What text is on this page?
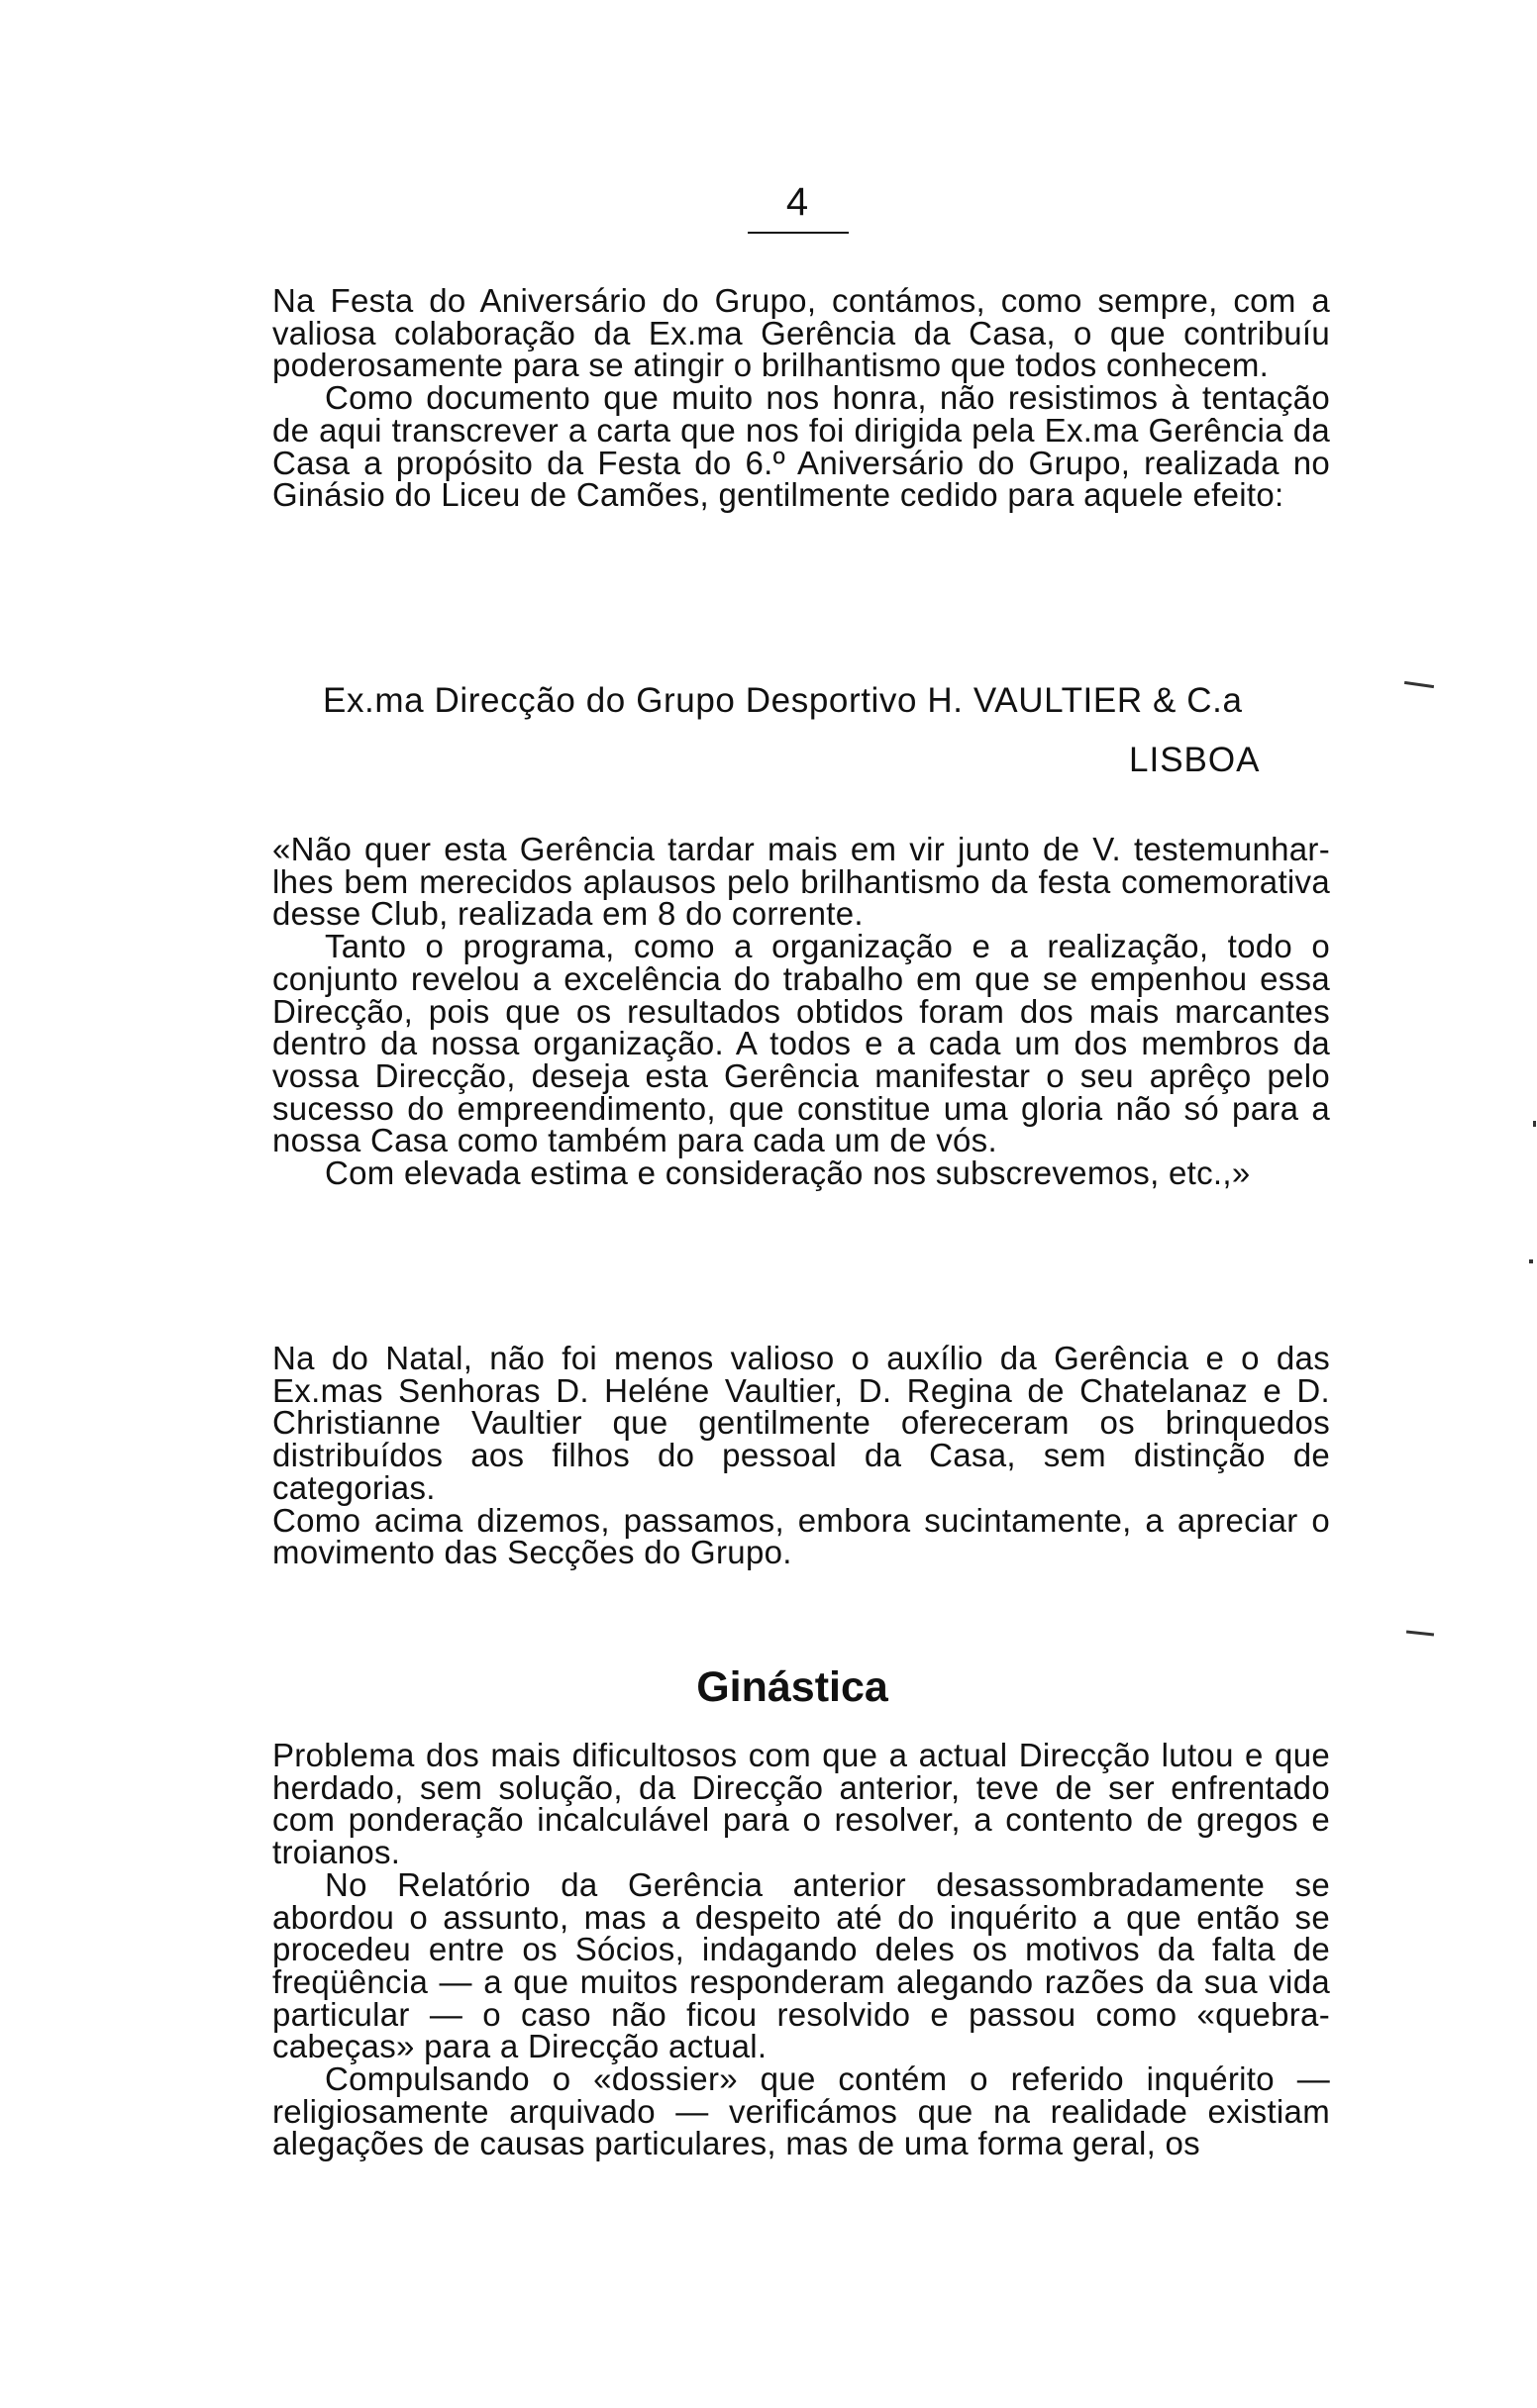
4

Na Festa do Aniversário do Grupo, contámos, como sempre, com a valiosa colaboração da Ex.ma Gerência da Casa, o que contribuíu poderosamente para se atingir o brilhantismo que todos conhecem.

Como documento que muito nos honra, não resistimos à tentação de aqui transcrever a carta que nos foi dirigida pela Ex.ma Gerência da Casa a propósito da Festa do 6.º Aniversário do Grupo, realizada no Ginásio do Liceu de Camões, gentilmente cedido para aquele efeito:

Ex.ma Direcção do Grupo Desportivo H. VAULTIER & C.a
LISBOA

«Não quer esta Gerência tardar mais em vir junto de V. testemunhar-lhes bem merecidos aplausos pelo brilhantismo da festa comemorativa desse Club, realizada em 8 do corrente.

Tanto o programa, como a organização e a realização, todo o conjunto revelou a excelência do trabalho em que se empenhou essa Direcção, pois que os resultados obtidos foram dos mais marcantes dentro da nossa organização. A todos e a cada um dos membros da vossa Direcção, deseja esta Gerência manifestar o seu aprêço pelo sucesso do empreendimento, que constitue uma gloria não só para a nossa Casa como também para cada um de vós.

Com elevada estima e consideração nos subscrevemos, etc.,»

Na do Natal, não foi menos valioso o auxílio da Gerência e o das Ex.mas Senhoras D. Heléne Vaultier, D. Regina de Chatelanaz e D. Christianne Vaultier que gentilmente ofereceram os brinquedos distribuídos aos filhos do pessoal da Casa, sem distinção de categorias.

Como acima dizemos, passamos, embora sucintamente, a apreciar o movimento das Secções do Grupo.

Ginástica

Problema dos mais dificultosos com que a actual Direcção lutou e que herdado, sem solução, da Direcção anterior, teve de ser enfrentado com ponderação incalculável para o resolver, a contento de gregos e troianos.

No Relatório da Gerência anterior desassombradamente se abordou o assunto, mas a despeito até do inquérito a que então se procedeu entre os Sócios, indagando deles os motivos da falta de freqüência — a que muitos responderam alegando razões da sua vida particular — o caso não ficou resolvido e passou como «quebra-cabeças» para a Direcção actual.

Compulsando o «dossier» que contém o referido inquérito — religiosamente arquivado — verificámos que na realidade existiam alegações de causas particulares, mas de uma forma geral, os
